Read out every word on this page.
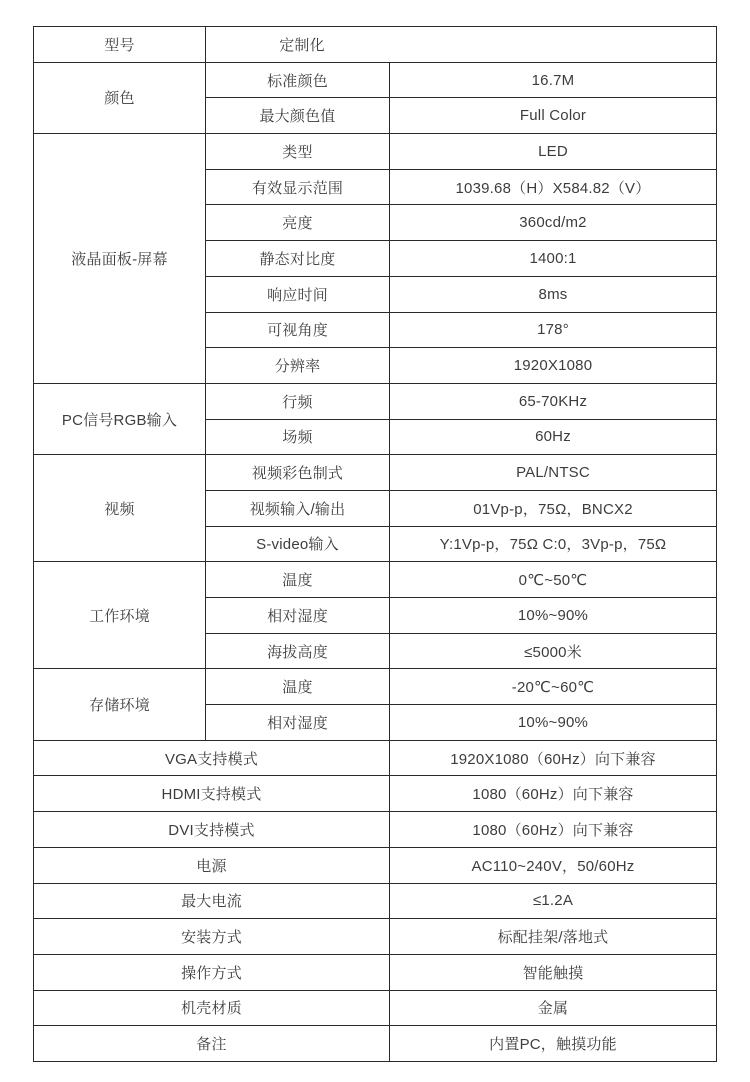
型号	定制化	

颜色	标准颜色	16.7M
	最大颜色值	Full Color
液晶面板-屏幕	类型	LED
	有效显示范围	1039.68（H）X584.82（V）
	亮度	360cd/m2
	静态对比度	1400:1
	响应时间	8ms
	可视角度	178°
	分辨率	1920X1080
PC信号RGB输入	行频	65-70KHz
	场频	60Hz
视频	视频彩色制式	PAL/NTSC
	视频输入/输出	01Vp-p，75Ω，BNCX2
	S-video输入	Y:1Vp-p，75Ω C:0，3Vp-p，75Ω
工作环境	温度	0℃~50℃
	相对湿度	10%~90%
	海拔高度	≤5000米
存储环境	温度	-20℃~60℃
	相对湿度	10%~90%
VGA支持模式		1920X1080（60Hz）向下兼容
HDMI支持模式		1080（60Hz）向下兼容
DVI支持模式		1080（60Hz）向下兼容
电源		AC110~240V，50/60Hz
最大电流		≤1.2A
安装方式		标配挂架/落地式
操作方式		智能触摸
机壳材质		金属
备注		内置PC，触摸功能
